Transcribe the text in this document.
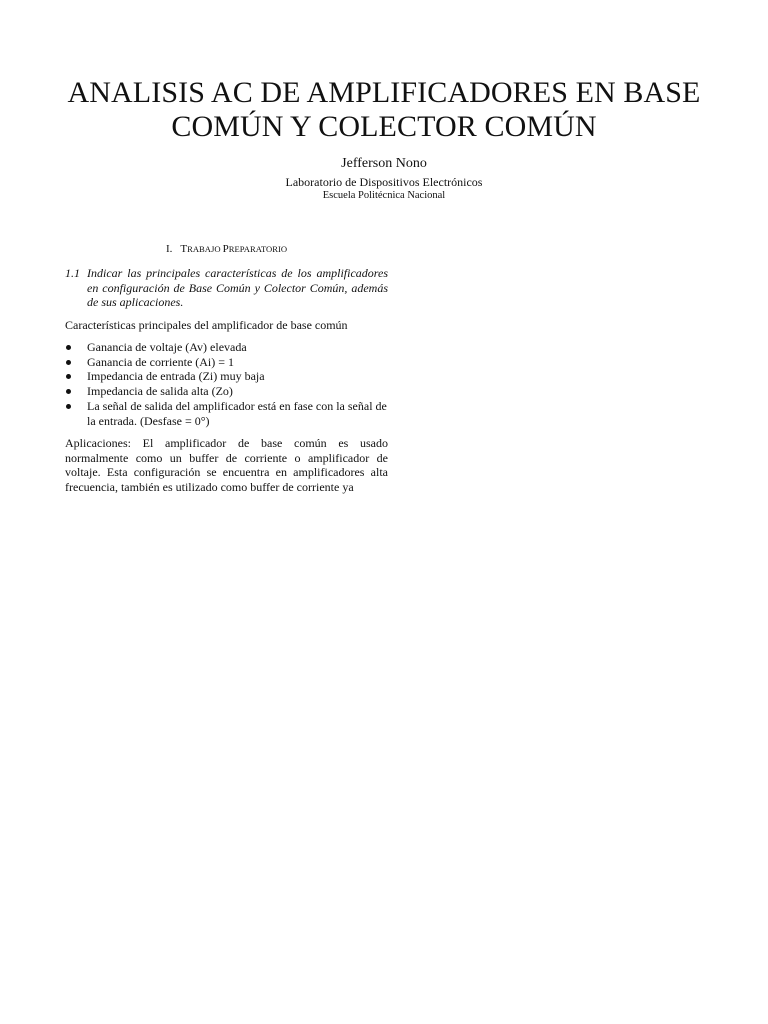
ANALISIS AC DE AMPLIFICADORES EN BASE COMÚN Y COLECTOR COMÚN
Jefferson Nono
Laboratorio de Dispositivos Electrónicos
Escuela Politécnica Nacional
I. TRABAJO PREPARATORIO
1.1 Indicar las principales características de los amplificadores en configuración de Base Común y Colector Común, además de sus aplicaciones.
Características principales del amplificador de base común
Ganancia de voltaje (Av) elevada
Ganancia de corriente (Ai) = 1
Impedancia de entrada (Zi) muy baja
Impedancia de salida alta (Zo)
La señal de salida del amplificador está en fase con la señal de la entrada. (Desfase = 0°)
Aplicaciones: El amplificador de base común es usado normalmente como un buffer de corriente o amplificador de voltaje. Esta configuración se encuentra en amplificadores alta frecuencia, también es utilizado como buffer de corriente ya
